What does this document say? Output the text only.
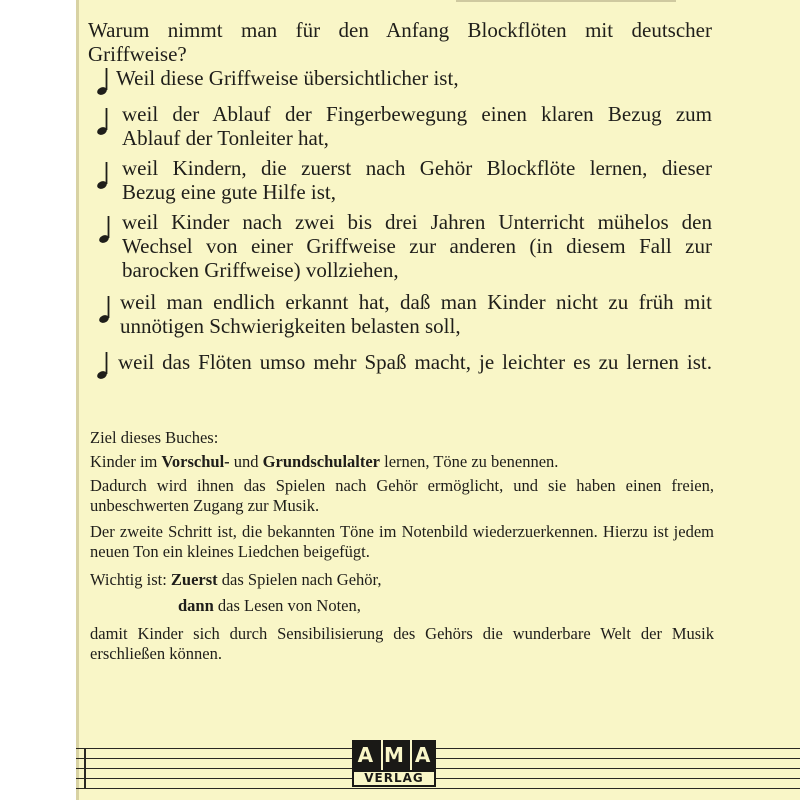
Warum nimmt man für den Anfang Blockflöten mit deutscher
Griffweise?
Weil diese Griffweise übersichtlicher ist,
weil der Ablauf der Fingerbewegung einen klaren Bezug zum
Ablauf der Tonleiter hat,
weil Kindern, die zuerst nach Gehör Blockflöte lernen, dieser
Bezug eine gute Hilfe ist,
weil Kinder nach zwei bis drei Jahren Unterricht mühelos den
Wechsel von einer Griffweise zur anderen (in diesem Fall zur
barocken Griffweise) vollziehen,
weil man endlich erkannt hat, daß man Kinder nicht zu früh mit
unnötigen Schwierigkeiten belasten soll,
weil das Flöten umso mehr Spaß macht, je leichter es zu lernen ist.
Ziel dieses Buches:
Kinder im Vorschul- und Grundschulalter lernen, Töne zu benennen.
Dadurch wird ihnen das Spielen nach Gehör ermöglicht, und sie haben einen freien, unbeschwerten Zugang zur Musik.
Der zweite Schritt ist, die bekannten Töne im Notenbild wiederzuerkennen. Hierzu ist jedem neuen Ton ein kleines Liedchen beigefügt.
Wichtig ist: Zuerst das Spielen nach Gehör,
dann das Lesen von Noten,
damit Kinder sich durch Sensibilisierung des Gehörs die wunderbare Welt der Musik erschließen können.
A M A
VERLAG
